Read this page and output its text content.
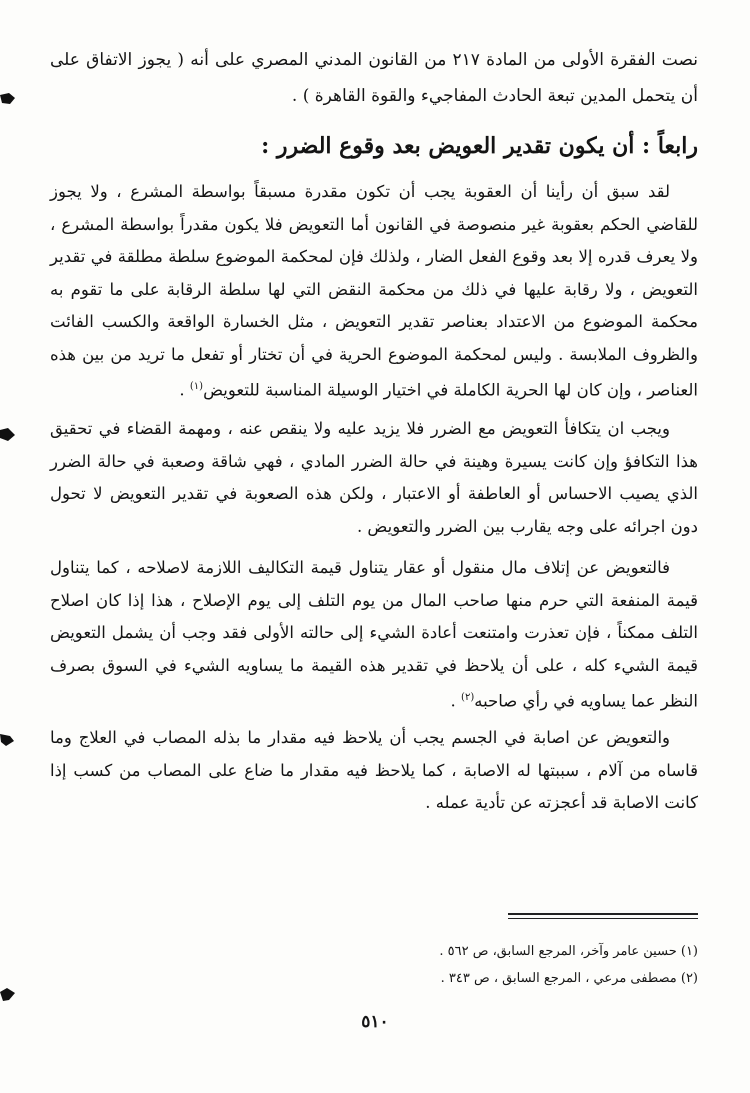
نصت الفقرة الأولى من المادة ٢١٧ من القانون المدني المصري على أنه ( يجوز الاتفاق على أن يتحمل المدين تبعة الحادث المفاجيء والقوة القاهرة ) .

رابعاً : أن يكون تقدير العويض بعد وقوع الضرر :

لقد سبق أن رأينا أن العقوبة يجب أن تكون مقدرة مسبقاً بواسطة المشرع ، ولا يجوز للقاضي الحكم بعقوبة غير منصوصة في القانون أما التعويض فلا يكون مقدراً بواسطة المشرع ، ولا يعرف قدره إلا بعد وقوع الفعل الضار ، ولذلك فإن لمحكمة الموضوع سلطة مطلقة في تقدير التعويض ، ولا رقابة عليها في ذلك من محكمة النقض التي لها سلطة الرقابة على ما تقوم به محكمة الموضوع من الاعتداد بعناصر تقدير التعويض ، مثل الخسارة الواقعة والكسب الفائت والظروف الملابسة . وليس لمحكمة الموضوع الحرية في أن تختار أو تفعل ما تريد من بين هذه العناصر ، وإن كان لها الحرية الكاملة في اختيار الوسيلة المناسبة للتعويض$^{(١)}$ .

ويجب ان يتكافأ التعويض مع الضرر فلا يزيد عليه ولا ينقص عنه ، ومهمة القضاء في تحقيق هذا التكافؤ وإن كانت يسيرة وهينة في حالة الضرر المادي ، فهي شاقة وصعبة في حالة الضرر الذي يصيب الاحساس أو العاطفة أو الاعتبار ، ولكن هذه الصعوبة في تقدير التعويض لا تحول دون اجرائه على وجه يقارب بين الضرر والتعويض .

فالتعويض عن إتلاف مال منقول أو عقار يتناول قيمة التكاليف اللازمة لاصلاحه ، كما يتناول قيمة المنفعة التي حرم منها صاحب المال من يوم التلف إلى يوم الإصلاح ، هذا إذا كان اصلاح التلف ممكناً ، فإن تعذرت وامتنعت أعادة الشيء إلى حالته الأولى فقد وجب أن يشمل التعويض قيمة الشيء كله ، على أن يلاحظ في تقدير هذه القيمة ما يساويه الشيء في السوق بصرف النظر عما يساويه في رأي صاحبه$^{(٢)}$ .

والتعويض عن اصابة في الجسم يجب أن يلاحظ فيه مقدار ما بذله المصاب في العلاج وما قاساه من آلام ، سببتها له الاصابة ، كما يلاحظ فيه مقدار ما ضاع على المصاب من كسب إذا كانت الاصابة قد أعجزته عن تأدية عمله .

(١) حسين عامر وآخر، المرجع السابق، ص ٥٦٢ .
(٢) مصطفى مرعي ، المرجع السابق ، ص ٣٤٣ .
٥١٠
